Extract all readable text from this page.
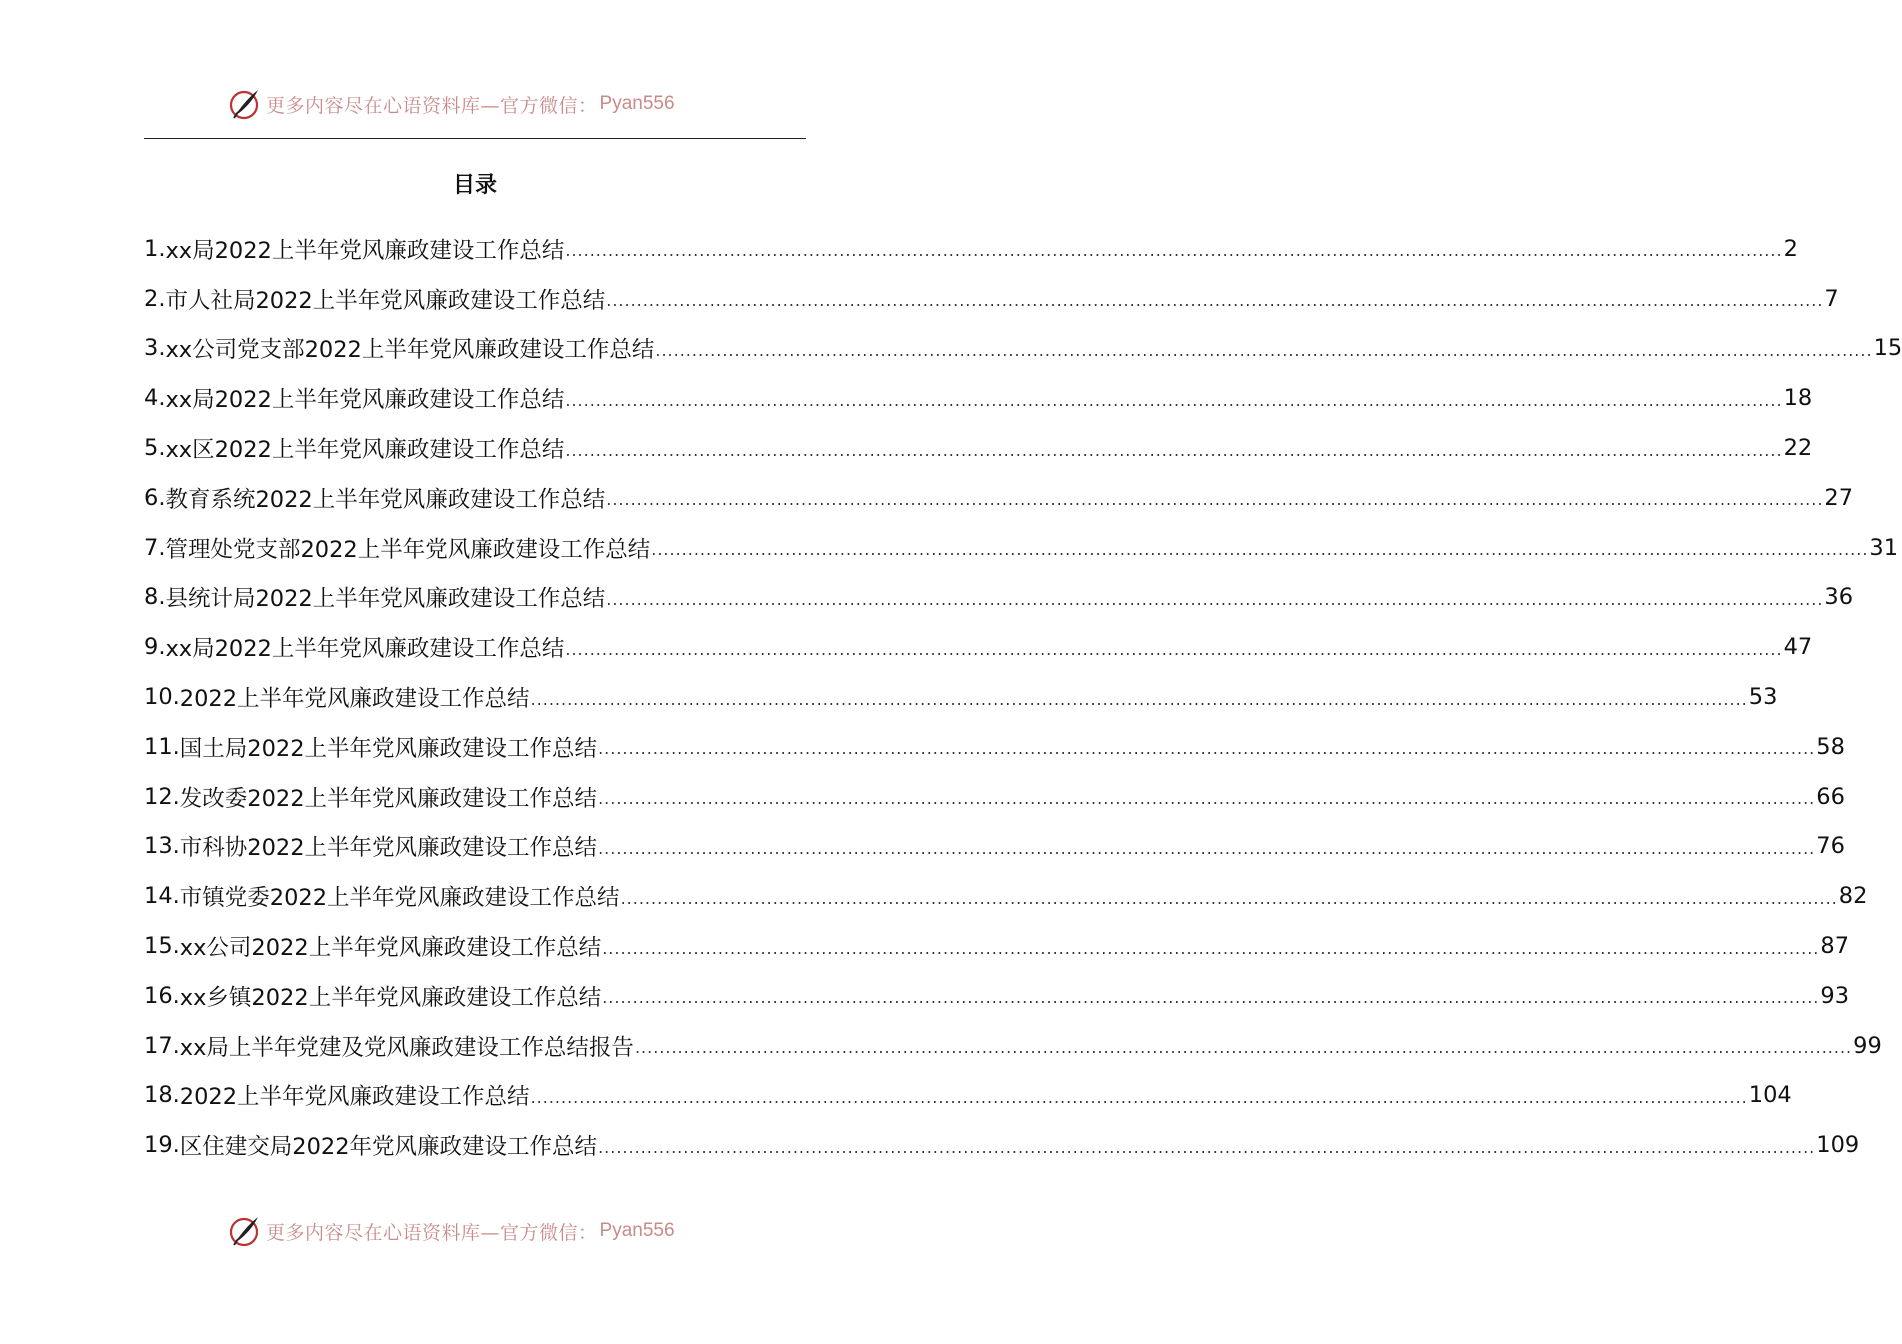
更多内容尽在心语资料库—官方微信： Pyan556
目录
1. xx局2022上半年党风廉政建设工作总结 ........................................................................................................................................................................................................ 2
2. 市人社局2022上半年党风廉政建设工作总结 ........................................................................................................................................................................................................ 7
3. xx公司党支部2022上半年党风廉政建设工作总结 ........................................................................................................................................................................................................ 15
4. xx局2022上半年党风廉政建设工作总结 ........................................................................................................................................................................................................ 18
5. xx区2022上半年党风廉政建设工作总结 ........................................................................................................................................................................................................ 22
6. 教育系统2022上半年党风廉政建设工作总结 ........................................................................................................................................................................................................ 27
7. 管理处党支部2022上半年党风廉政建设工作总结 ........................................................................................................................................................................................................ 31
8. 县统计局2022上半年党风廉政建设工作总结 ........................................................................................................................................................................................................ 36
9. xx局2022上半年党风廉政建设工作总结 ........................................................................................................................................................................................................ 47
10. 2022上半年党风廉政建设工作总结 ........................................................................................................................................................................................................ 53
11. 国土局2022上半年党风廉政建设工作总结 ........................................................................................................................................................................................................ 58
12. 发改委2022上半年党风廉政建设工作总结 ........................................................................................................................................................................................................ 66
13. 市科协2022上半年党风廉政建设工作总结 ........................................................................................................................................................................................................ 76
14. 市镇党委2022上半年党风廉政建设工作总结 ........................................................................................................................................................................................................ 82
15. xx公司2022上半年党风廉政建设工作总结 ........................................................................................................................................................................................................ 87
16. xx乡镇2022上半年党风廉政建设工作总结 ........................................................................................................................................................................................................ 93
17. xx局上半年党建及党风廉政建设工作总结报告 ........................................................................................................................................................................................................ 99
18. 2022上半年党风廉政建设工作总结 ........................................................................................................................................................................................................ 104
19. 区住建交局2022年党风廉政建设工作总结 ........................................................................................................................................................................................................ 109
更多内容尽在心语资料库—官方微信： Pyan556
